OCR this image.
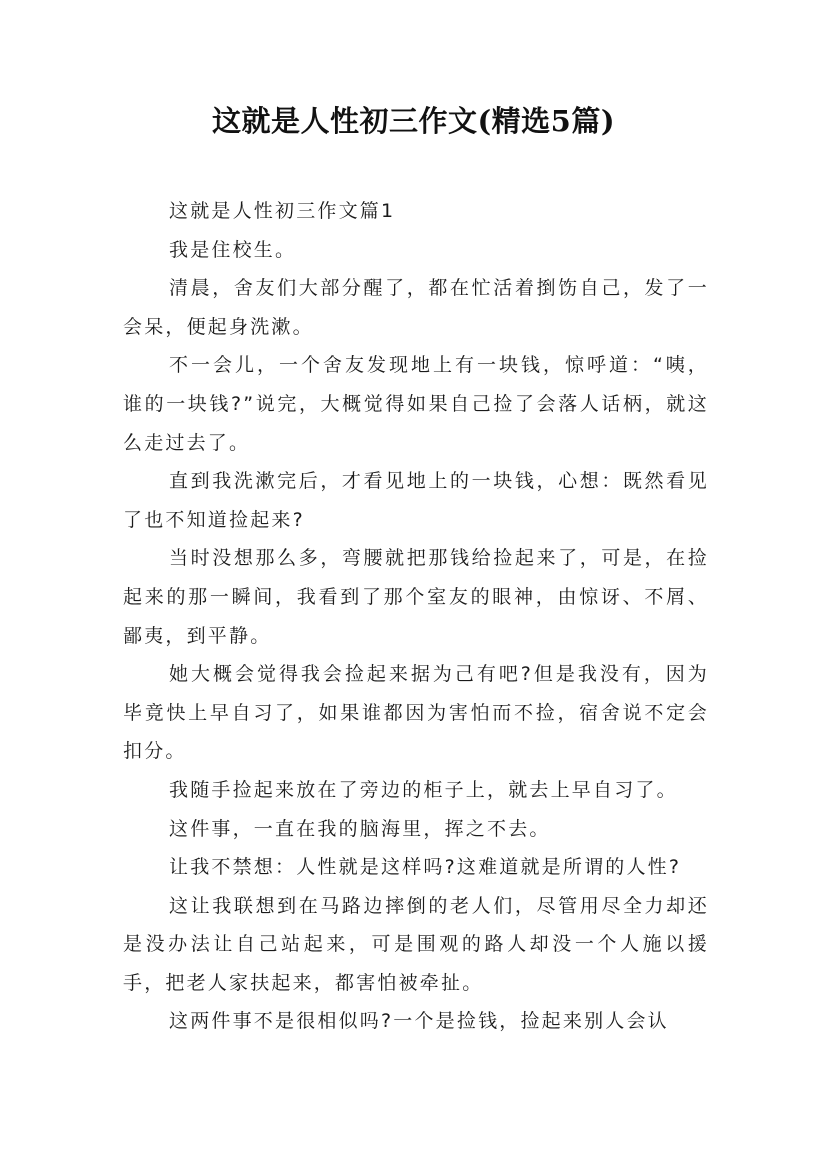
这就是人性初三作文(精选5篇)

这就是人性初三作文篇1

我是住校生。

清晨，舍友们大部分醒了，都在忙活着捯饬自己，发了一会呆，便起身洗漱。

不一会儿，一个舍友发现地上有一块钱，惊呼道：“咦，谁的一块钱?”说完，大概觉得如果自己捡了会落人话柄，就这么走过去了。

直到我洗漱完后，才看见地上的一块钱，心想：既然看见了也不知道捡起来?

当时没想那么多，弯腰就把那钱给捡起来了，可是，在捡起来的那一瞬间，我看到了那个室友的眼神，由惊讶、不屑、鄙夷，到平静。

她大概会觉得我会捡起来据为己有吧?但是我没有，因为毕竟快上早自习了，如果谁都因为害怕而不捡，宿舍说不定会扣分。

我随手捡起来放在了旁边的柜子上，就去上早自习了。

这件事，一直在我的脑海里，挥之不去。

让我不禁想：人性就是这样吗?这难道就是所谓的人性?

这让我联想到在马路边摔倒的老人们，尽管用尽全力却还是没办法让自己站起来，可是围观的路人却没一个人施以援手，把老人家扶起来，都害怕被牵扯。

这两件事不是很相似吗?一个是捡钱，捡起来别人会认
